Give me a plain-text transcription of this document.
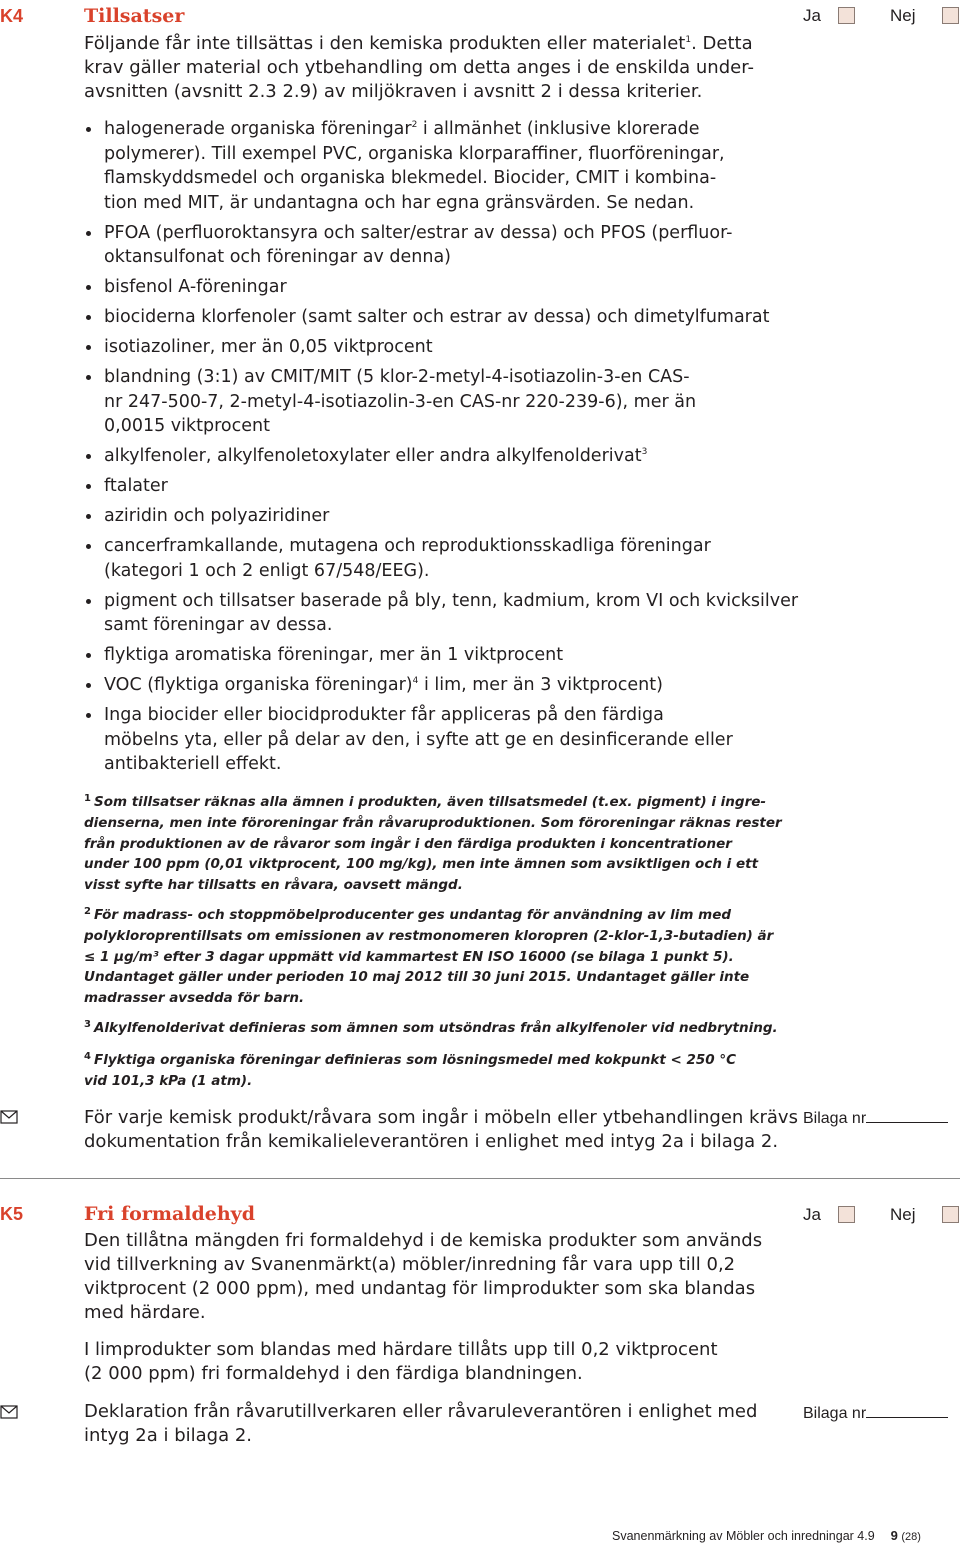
K4	Tillsatser	Ja	Nej
Följande får inte tillsättas i den kemiska produkten eller materialet$^1$. Detta
krav gäller material och ytbehandling om detta anges i de enskilda under-
avsnitten (avsnitt 2.3 2.9) av miljökraven i avsnitt 2 i dessa kriterier.
halogenerade organiska föreningar$^2$ i allmänhet (inklusive klorerade
polymerer). Till exempel PVC, organiska klorparaffiner, fluorföreningar,
flamskyddsmedel och organiska blekmedel. Biocider, CMIT i kombina-
tion med MIT, är undantagna och har egna gränsvärden. Se nedan.
PFOA (perfluoroktansyra och salter/estrar av dessa) och PFOS (perfluor-
oktansulfonat och föreningar av denna)
bisfenol A-föreningar
biociderna klorfenoler (samt salter och estrar av dessa) och dimetylfumarat
isotiazoliner, mer än 0,05 viktprocent
blandning (3:1) av CMIT/MIT (5 klor-2-metyl-4-isotiazolin-3-en CAS-
nr 247-500-7, 2-metyl-4-isotiazolin-3-en CAS-nr 220-239-6), mer än
0,0015 viktprocent
alkylfenoler, alkylfenoletoxylater eller andra alkylfenolderivat$^3$
ftalater
aziridin och polyaziridiner
cancerframkallande, mutagena och reproduktionsskadliga föreningar
(kategori 1 och 2 enligt 67/548/EEG).
pigment och tillsatser baserade på bly, tenn, kadmium, krom VI och kvicksilver
samt föreningar av dessa.
flyktiga aromatiska föreningar, mer än 1 viktprocent
VOC (flyktiga organiska föreningar)$^4$ i lim, mer än 3 viktprocent)
Inga biocider eller biocidprodukter får appliceras på den färdiga
möbelns yta, eller på delar av den, i syfte att ge en desinficerande eller
antibakteriell effekt.
$^1$ Som tillsatser räknas alla ämnen i produkten, även tillsatsmedel (t.ex. pigment) i ingre-
dienserna, men inte föroreningar från råvaruproduktionen. Som föroreningar räknas rester
från produktionen av de råvaror som ingår i den färdiga produkten i koncentrationer
under 100 ppm (0,01 viktprocent, 100 mg/kg), men inte ämnen som avsiktligen och i ett
visst syfte har tillsatts en råvara, oavsett mängd.
$^2$ För madrass- och stoppmöbelproducenter ges undantag för användning av lim med
polykloroprentillsats om emissionen av restmonomeren kloropren (2-klor-1,3-butadien) är
≤ 1 µg/m³ efter 3 dagar uppmätt vid kammartest EN ISO 16000 (se bilaga 1 punkt 5).
Undantaget gäller under perioden 10 maj 2012 till 30 juni 2015. Undantaget gäller inte
madrasser avsedda för barn.
$^3$ Alkylfenolderivat definieras som ämnen som utsöndras från alkylfenoler vid nedbrytning.
$^4$ Flyktiga organiska föreningar definieras som lösningsmedel med kokpunkt < 250 °C
vid 101,3 kPa (1 atm).
För varje kemisk produkt/råvara som ingår i möbeln eller ytbehandlingen krävs
dokumentation från kemikalieleverantören i enlighet med intyg 2a i bilaga 2.
Bilaga nr
K5	Fri formaldehyd	Ja	Nej
Den tillåtna mängden fri formaldehyd i de kemiska produkter som används
vid tillverkning av Svanenmärkt(a) möbler/inredning får vara upp till 0,2
viktprocent (2 000 ppm), med undantag för limprodukter som ska blandas
med härdare.
I limprodukter som blandas med härdare tillåts upp till 0,2 viktprocent
(2 000 ppm) fri formaldehyd i den färdiga blandningen.
Deklaration från råvarutillverkaren eller råvaruleverantören i enlighet med
intyg 2a i bilaga 2.
Bilaga nr
Svanenmärkning av Möbler och inredningar 4.9 9 (28)
